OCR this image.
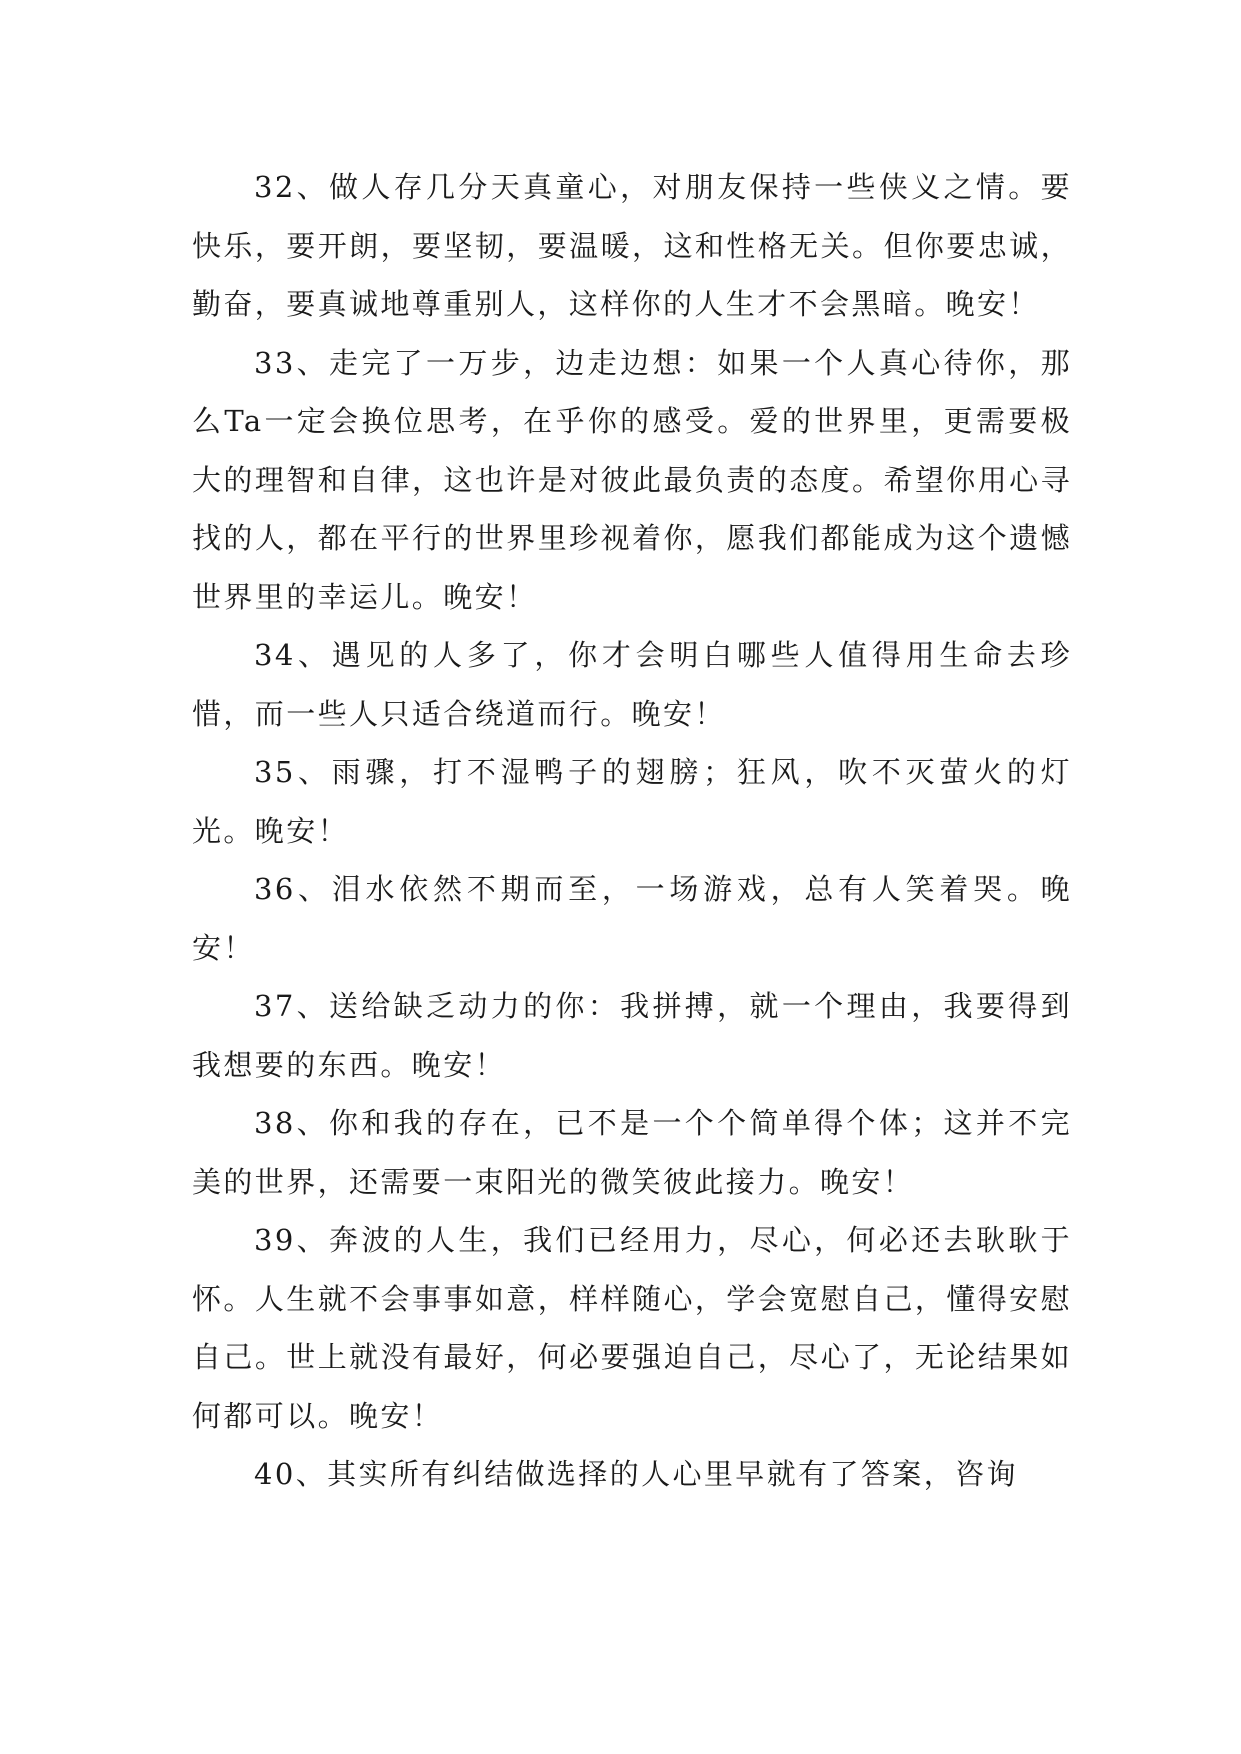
32、做人存几分天真童心，对朋友保持一些侠义之情。要快乐，要开朗，要坚韧，要温暖，这和性格无关。但你要忠诚，勤奋，要真诚地尊重别人，这样你的人生才不会黑暗。晚安！

33、走完了一万步，边走边想：如果一个人真心待你，那么Ta一定会换位思考，在乎你的感受。爱的世界里，更需要极大的理智和自律，这也许是对彼此最负责的态度。希望你用心寻找的人，都在平行的世界里珍视着你，愿我们都能成为这个遗憾世界里的幸运儿。晚安！

34、遇见的人多了，你才会明白哪些人值得用生命去珍惜，而一些人只适合绕道而行。晚安！

35、雨骤，打不湿鸭子的翅膀；狂风，吹不灭萤火的灯光。晚安！

36、泪水依然不期而至，一场游戏，总有人笑着哭。晚安！

37、送给缺乏动力的你：我拼搏，就一个理由，我要得到我想要的东西。晚安！

38、你和我的存在，已不是一个个简单得个体；这并不完美的世界，还需要一束阳光的微笑彼此接力。晚安！

39、奔波的人生，我们已经用力，尽心，何必还去耿耿于怀。人生就不会事事如意，样样随心，学会宽慰自己，懂得安慰自己。世上就没有最好，何必要强迫自己，尽心了，无论结果如何都可以。晚安！

40、其实所有纠结做选择的人心里早就有了答案，咨询
